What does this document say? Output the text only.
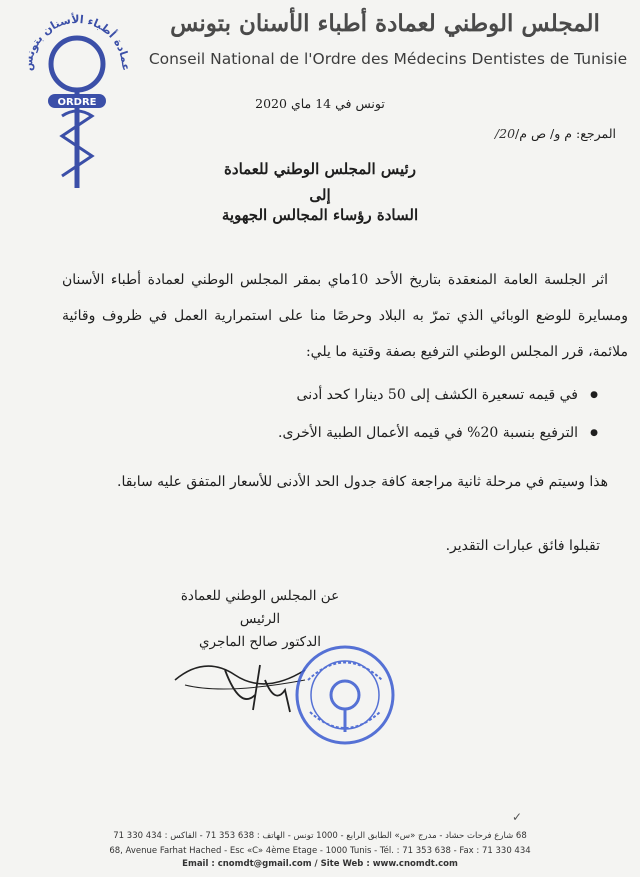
عمادة أطباء الأسنان بتونس
ORDRE
المجلس الوطني لعمادة أطباء الأسنان بتونس
Conseil National de l'Ordre des Médecins Dentistes de Tunisie
تونس في 14 ماي 2020
المرجع: م و/ ص م/20/
رئيس المجلس الوطني للعمادة
إلى
السادة رؤساء المجالس الجهوية
اثر الجلسة العامة المنعقدة بتاريخ الأحد 10ماي بمقر المجلس الوطني لعمادة أطباء الأسنان ومسايرة للوضع الوبائي الذي تمرّ به البلاد وحرصًا منا على استمرارية العمل في ظروف وقائية ملائمة، قرر المجلس الوطني الترفيع بصفة وقتية ما يلي:
● في قيمه تسعيرة الكشف إلى 50 دينارا كحد أدنى
● الترفيع بنسبة 20% في قيمه الأعمال الطبية الأخرى.
هذا وسيتم في مرحلة ثانية مراجعة كافة جدول الحد الأدنى للأسعار المتفق عليه سابقا.
تقبلوا فائق عبارات التقدير.
عن المجلس الوطني للعمادة
الرئيس
الدكتور صالح الماجري
✓
68 شارع فرحات حشاد - مدرج «س» الطابق الرابع - 1000 تونس - الهاتف : 638 353 71 - الفاكس : 434 330 71
68, Avenue Farhat Hached - Esc «C» 4ème Etage - 1000 Tunis - Tél. : 71 353 638 - Fax : 71 330 434
Email : cnomdt@gmail.com / Site Web : www.cnomdt.com
